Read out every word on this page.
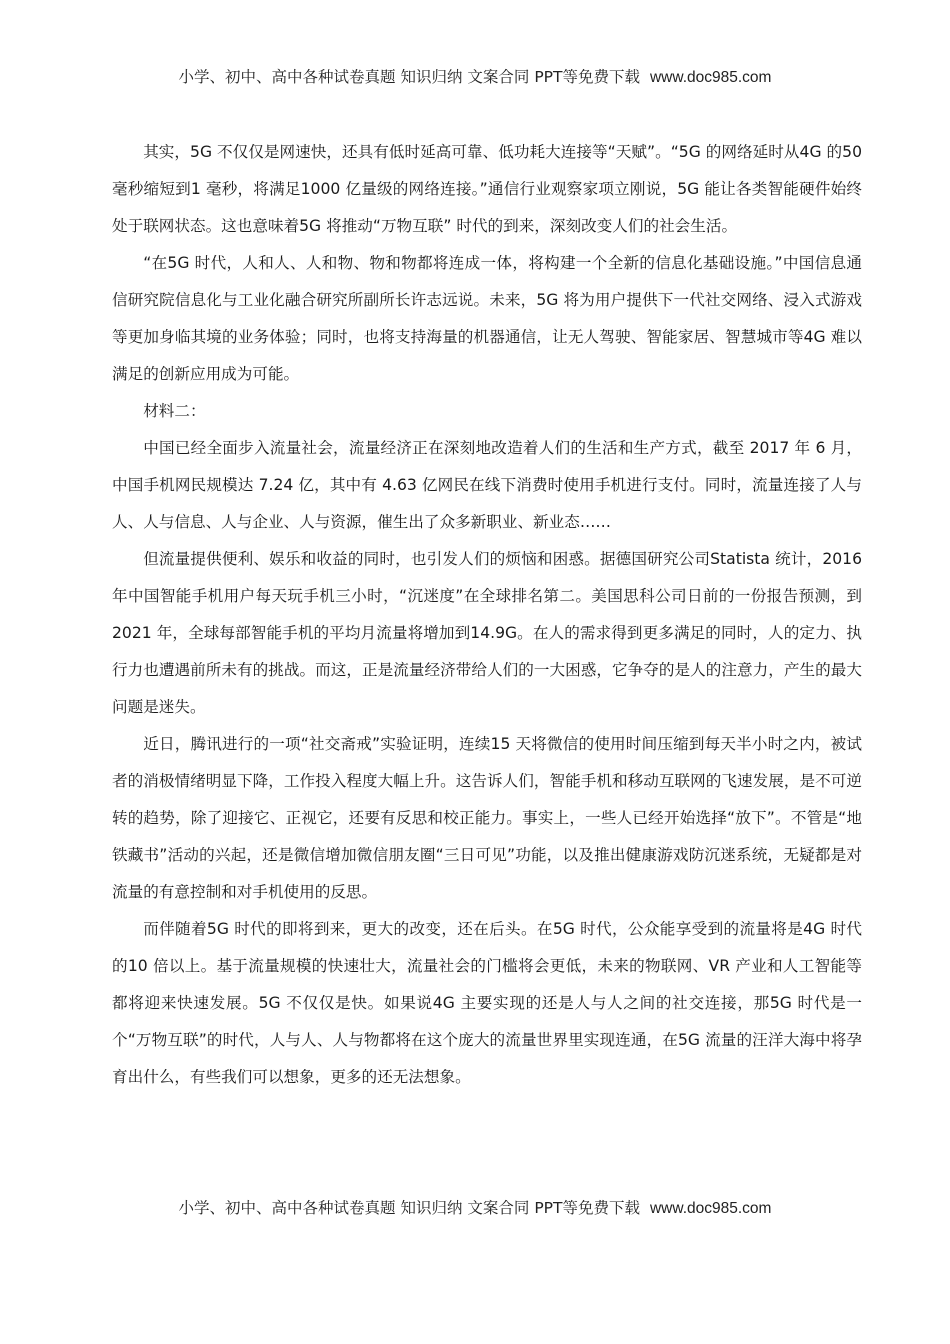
小学、初中、高中各种试卷真题 知识归纳 文案合同 PPT等免费下载 www.doc985.com

其实，5G 不仅仅是网速快，还具有低时延高可靠、低功耗大连接等“天赋”。“5G 的网络延时从4G 的50 毫秒缩短到1 毫秒，将满足1000 亿量级的网络连接。”通信行业观察家项立刚说，5G 能让各类智能硬件始终处于联网状态。这也意味着5G 将推动“万物互联” 时代的到来，深刻改变人们的社会生活。

“在5G 时代，人和人、人和物、物和物都将连成一体，将构建一个全新的信息化基础设施。”中国信息通信研究院信息化与工业化融合研究所副所长许志远说。未来，5G 将为用户提供下一代社交网络、浸入式游戏等更加身临其境的业务体验；同时，也将支持海量的机器通信，让无人驾驶、智能家居、智慧城市等4G 难以满足的创新应用成为可能。

材料二：

中国已经全面步入流量社会，流量经济正在深刻地改造着人们的生活和生产方式，截至 2017 年 6 月，中国手机网民规模达 7.24 亿，其中有 4.63 亿网民在线下消费时使用手机进行支付。同时，流量连接了人与人、人与信息、人与企业、人与资源，催生出了众多新职业、新业态……

但流量提供便利、娱乐和收益的同时，也引发人们的烦恼和困惑。据德国研究公司Statista 统计，2016 年中国智能手机用户每天玩手机三小时，“沉迷度”在全球排名第二。美国思科公司日前的一份报告预测，到2021 年，全球每部智能手机的平均月流量将增加到14.9G。在人的需求得到更多满足的同时，人的定力、执行力也遭遇前所未有的挑战。而这，正是流量经济带给人们的一大困惑，它争夺的是人的注意力，产生的最大问题是迷失。

近日，腾讯进行的一项“社交斋戒”实验证明，连续15 天将微信的使用时间压缩到每天半小时之内，被试者的消极情绪明显下降，工作投入程度大幅上升。这告诉人们，智能手机和移动互联网的飞速发展，是不可逆转的趋势，除了迎接它、正视它，还要有反思和校正能力。事实上，一些人已经开始选择“放下”。不管是“地铁藏书”活动的兴起，还是微信增加微信朋友圈“三日可见”功能，以及推出健康游戏防沉迷系统，无疑都是对流量的有意控制和对手机使用的反思。

而伴随着5G 时代的即将到来，更大的改变，还在后头。在5G 时代，公众能享受到的流量将是4G 时代的10 倍以上。基于流量规模的快速壮大，流量社会的门槛将会更低，未来的物联网、VR 产业和人工智能等都将迎来快速发展。5G 不仅仅是快。如果说4G 主要实现的还是人与人之间的社交连接，那5G 时代是一个“万物互联”的时代，人与人、人与物都将在这个庞大的流量世界里实现连通，在5G 流量的汪洋大海中将孕育出什么，有些我们可以想象，更多的还无法想象。

小学、初中、高中各种试卷真题 知识归纳 文案合同 PPT等免费下载 www.doc985.com
